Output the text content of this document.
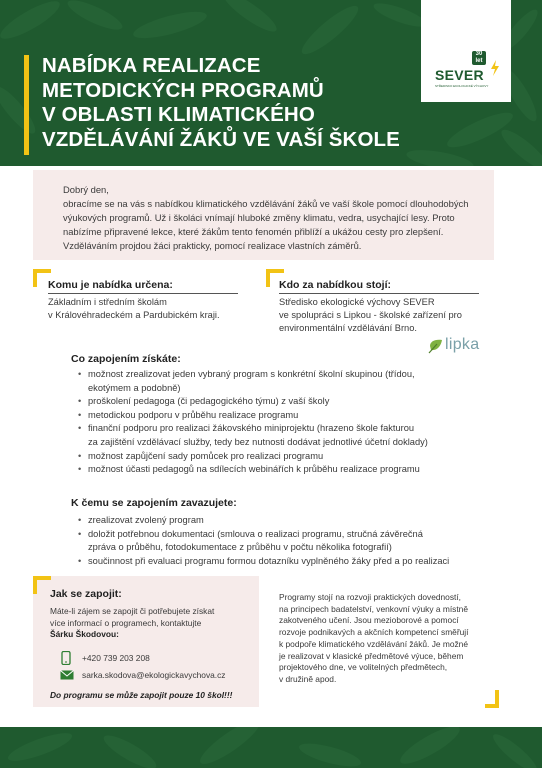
NABÍDKA REALIZACE
METODICKÝCH PROGRAMŮ
V OBLASTI KLIMATICKÉHO
VZDĚLÁVÁNÍ ŽÁKŮ VE VAŠÍ ŠKOLE
30 let
SEVER
STŘEDISKO EKOLOGICKÉ VÝCHOVY

Dobrý den,
obracíme se na vás s nabídkou klimatického vzdělávání žáků ve vaší škole pomocí dlouhodobých výukových programů. Už i školáci vnímají hluboké změny klimatu, vedra, usychající lesy. Proto nabízíme připravené lekce, které žákům tento fenomén přiblíží a ukážou cesty pro zlepšení. Vzděláváním projdou žáci prakticky, pomocí realizace vlastních záměrů.

Komu je nabídka určena:
Základním i středním školám
v Královéhradeckém a Pardubickém kraji.
Kdo za nabídkou stojí:
Středisko ekologické výchovy SEVER
ve spolupráci s Lipkou - školské zařízení pro
environmentální vzdělávání Brno.
lipka
Co zapojením získáte:
• možnost zrealizovat jeden vybraný program s konkrétní školní skupinou (třídou,
ekotýmem a podobně)
• proškolení pedagoga (či pedagogického týmu) z vaší školy
• metodickou podporu v průběhu realizace programu
• finanční podporu pro realizaci žákovského miniprojektu (hrazeno škole fakturou
za zajištění vzdělávací služby, tedy bez nutnosti dodávat jednotlivé účetní doklady)
• možnost zapůjčení sady pomůcek pro realizaci programu
• možnost účasti pedagogů na sdílecích webinářích k průběhu realizace programu
K čemu se zapojením zavazujete:
• zrealizovat zvolený program
• doložit potřebnou dokumentaci (smlouva o realizaci programu, stručná závěrečná
zpráva o průběhu, fotodokumentace z průběhu v počtu několika fotografií)
• součinnost při evaluaci programu formou dotazníku vyplněného žáky před a po realizaci
Jak se zapojit:
Máte-li zájem se zapojit či potřebujete získat
více informací o programech, kontaktujte
Šárku Škodovou:
+420 739 203 208
sarka.skodova@ekologickavychova.cz
Do programu se může zapojit pouze 10 škol!!!
Programy stojí na rozvoji praktických dovedností,
na principech badatelství, venkovní výuky a místně
zakotveného učení. Jsou mezioborové a pomocí
rozvoje podnikavých a akčních kompetencí směřují
k podpoře klimatického vzdělávání žáků. Je možné
je realizovat v klasické předmětové výuce, během
projektového dne, ve volitelných předmětech,
v družině apod.
